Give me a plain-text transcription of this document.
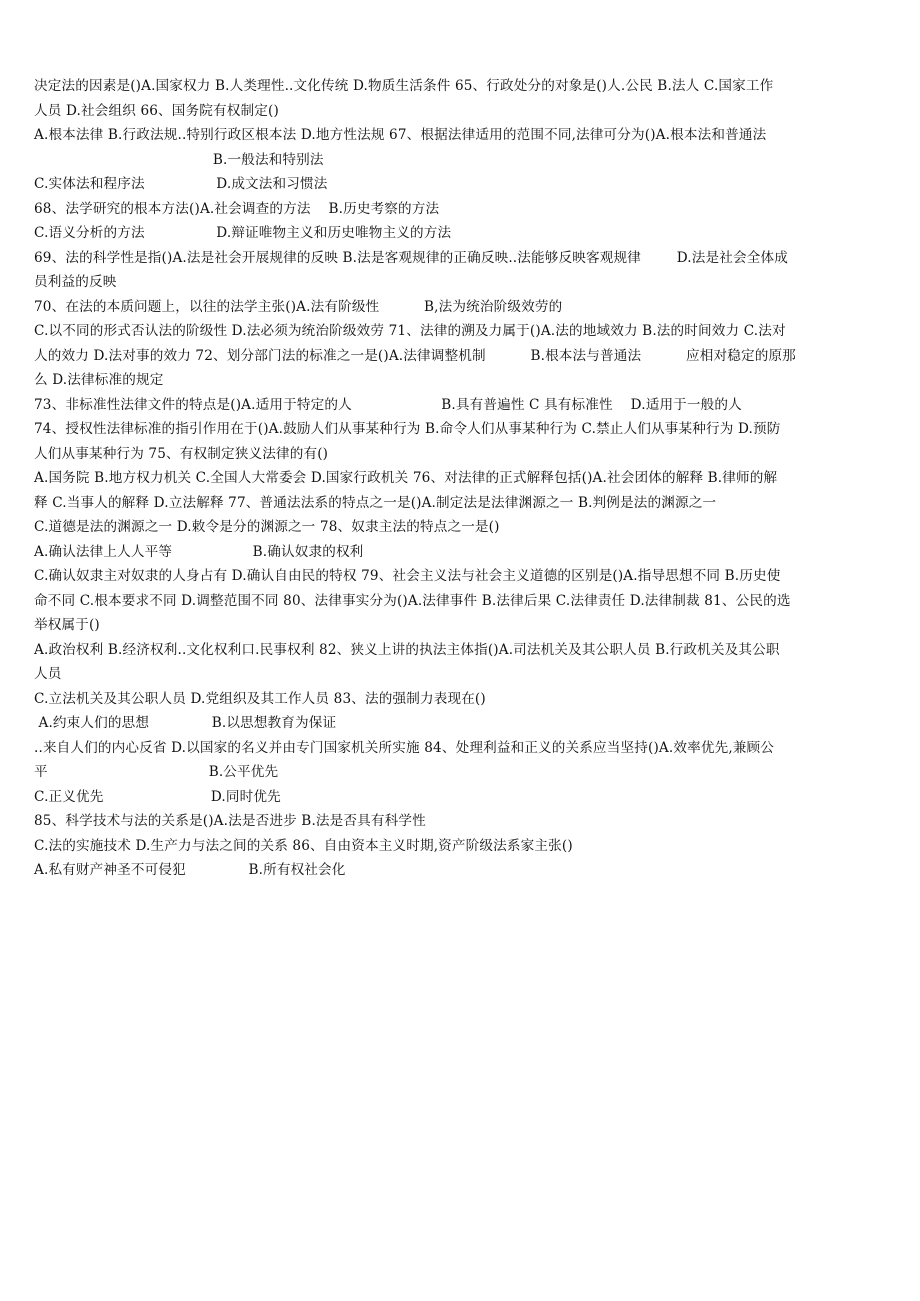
决定法的因素是()A.国家权力 B.人类理性..文化传统 D.物质生活条件 65、行政处分的对象是()人.公民 B.法人 C.国家工作
人员 D.社会组织 66、国务院有权制定()
A.根本法律 B.行政法规..特别行政区根本法 D.地方性法规 67、根据法律适用的范围不同,法律可分为()A.根本法和普通法
B.一般法和特别法
C.实体法和程序法                D.成文法和习惯法
68、法学研究的根本方法()A.社会调查的方法    B.历史考察的方法
C.语义分析的方法                D.辩证唯物主义和历史唯物主义的方法
69、法的科学性是指()A.法是社会开展规律的反映 B.法是客观规律的正确反映..法能够反映客观规律        D.法是社会全体成
员利益的反映
70、在法的本质问题上，以往的法学主张()A.法有阶级性          B,法为统治阶级效劳的
C.以不同的形式否认法的阶级性 D.法必须为统治阶级效劳 71、法律的溯及力属于()A.法的地域效力 B.法的时间效力 C.法对
人的效力 D.法对事的效力 72、划分部门法的标准之一是()A.法律调整机制          B.根本法与普通法          应相对稳定的原那
么 D.法律标准的规定
73、非标准性法律文件的特点是()A.适用于特定的人                    B.具有普遍性 C 具有标准性    D.适用于一般的人
74、授权性法律标准的指引作用在于()A.鼓励人们从事某种行为 B.命令人们从事某种行为 C.禁止人们从事某种行为 D.预防
人们从事某种行为 75、有权制定狭义法律的有()
A.国务院 B.地方权力机关 C.全国人大常委会 D.国家行政机关 76、对法律的正式解释包括()A.社会团体的解释 B.律师的解
释 C.当事人的解释 D.立法解释 77、普通法法系的特点之一是()A.制定法是法律渊源之一 B.判例是法的渊源之一
C.道德是法的渊源之一 D.敕令是分的渊源之一 78、奴隶主法的特点之一是()
A.确认法律上人人平等                  B.确认奴隶的权利
C.确认奴隶主对奴隶的人身占有 D.确认自由民的特权 79、社会主义法与社会主义道德的区别是()A.指导思想不同 B.历史使
命不同 C.根本要求不同 D.调整范围不同 80、法律事实分为()A.法律事件 B.法律后果 C.法律责任 D.法律制裁 81、公民的选
举权属于()
A.政治权利 B.经济权利..文化权利口.民事权利 82、狭义上讲的执法主体指()A.司法机关及其公职人员 B.行政机关及其公职
人员
C.立法机关及其公职人员 D.党组织及其工作人员 83、法的强制力表现在()
A.约束人们的思想              B.以思想教育为保证
..来自人们的内心反省 D.以国家的名义并由专门国家机关所实施 84、处理利益和正义的关系应当坚持()A.效率优先,兼顾公
平                                    B.公平优先
C.正义优先                        D.同时优先
85、科学技术与法的关系是()A.法是否进步 B.法是否具有科学性
C.法的实施技术 D.生产力与法之间的关系 86、自由资本主义时期,资产阶级法系家主张()
A.私有财产神圣不可侵犯              B.所有权社会化
